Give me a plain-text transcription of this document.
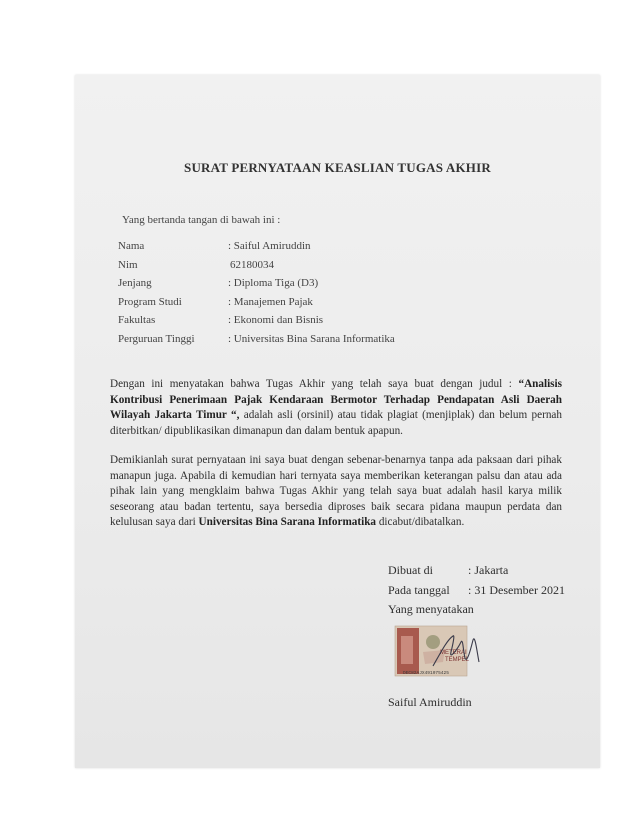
SURAT PERNYATAAN KEASLIAN TUGAS AKHIR
Yang bertanda tangan di bawah ini :
Nama	: Saiful Amiruddin
Nim	62180034
Jenjang	: Diploma Tiga (D3)
Program Studi	: Manajemen Pajak
Fakultas	: Ekonomi dan Bisnis
Perguruan Tinggi	: Universitas Bina Sarana Informatika
Dengan ini menyatakan bahwa Tugas Akhir yang telah saya buat dengan judul : “Analisis Kontribusi Penerimaan Pajak Kendaraan Bermotor Terhadap Pendapatan Asli Daerah Wilayah Jakarta Timur “, adalah asli (orsinil) atau tidak plagiat (menjiplak) dan belum pernah diterbitkan/ dipublikasikan dimanapun dan dalam bentuk apapun.
Demikianlah surat pernyataan ini saya buat dengan sebenar-benarnya tanpa ada paksaan dari pihak manapun juga. Apabila di kemudian hari ternyata saya memberikan keterangan palsu dan atau ada pihak lain yang mengklaim bahwa Tugas Akhir yang telah saya buat adalah hasil karya milik seseorang atau badan tertentu, saya bersedia diproses baik secara pidana maupun perdata dan kelulusan saya dari Universitas Bina Sarana Informatika dicabut/dibatalkan.
Dibuat di	: Jakarta
Pada tanggal : 31 Desember 2021
Yang menyatakan
METERAI
TEMPEL
DEC82AJX491075425
Saiful Amiruddin
